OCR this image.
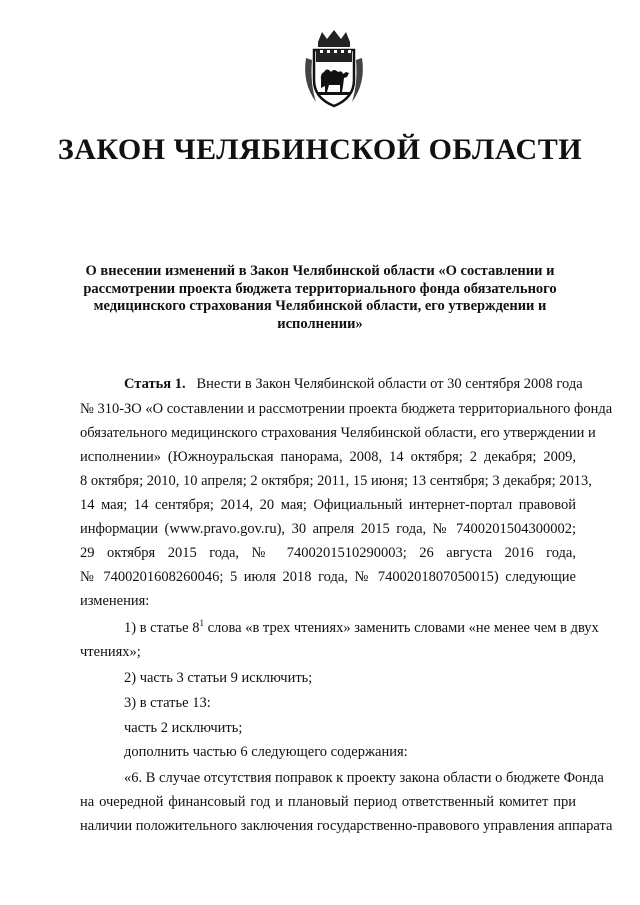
ЗАКОН ЧЕЛЯБИНСКОЙ ОБЛАСТИ
О внесении изменений в Закон Челябинской области «О составлении и
рассмотрении проекта бюджета территориального фонда обязательного
медицинского страхования Челябинской области, его утверждении и
исполнении»
Статья 1. Внести в Закон Челябинской области от 30 сентября 2008 года
№ 310-ЗО «О составлении и рассмотрении проекта бюджета территориального фонда
обязательного медицинского страхования Челябинской области, его утверждении и
исполнении» (Южноуральская панорама, 2008, 14 октября; 2 декабря; 2009,
8 октября; 2010, 10 апреля; 2 октября; 2011, 15 июня; 13 сентября; 3 декабря; 2013,
14 мая; 14 сентября; 2014, 20 мая; Официальный интернет-портал правовой
информации (www.pravo.gov.ru), 30 апреля 2015 года, № 7400201504300002;
29 октября 2015 года, № 7400201510290003; 26 августа 2016 года,
№ 7400201608260046; 5 июля 2018 года, № 7400201807050015) следующие
изменения:
1) в статье $8^1$ слова «в трех чтениях» заменить словами «не менее чем в двух
чтениях»;
2) часть 3 статьи 9 исключить;
3) в статье 13:
часть 2 исключить;
дополнить частью 6 следующего содержания:
«6. В случае отсутствия поправок к проекту закона области о бюджете Фонда
на очередной финансовый год и плановый период ответственный комитет при
наличии положительного заключения государственно-правового управления аппарата
